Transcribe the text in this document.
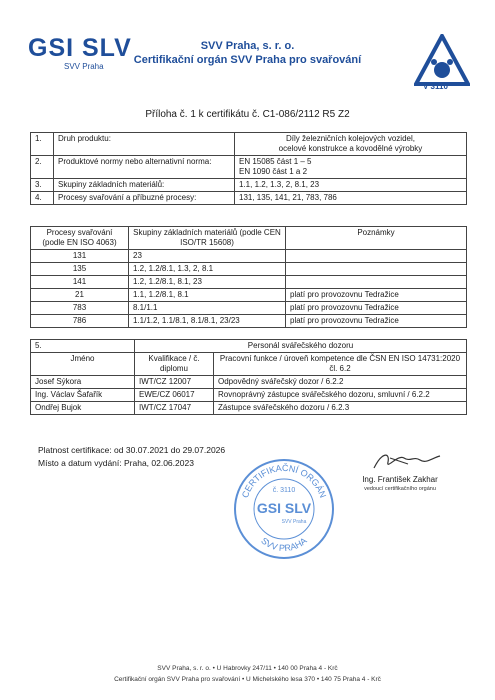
GSI SLV
SVV Praha
SVV Praha, s. r. o.
Certifikační orgán SVV Praha pro svařování
V 3110
Příloha č. 1 k certifikátu č. C1-086/2112 R5 Z2
1.	Druh produktu:	Díly železničních kolejových vozidel,
ocelové konstrukce a kovodělné výrobky

2.	Produktové normy nebo alternativní norma:	EN 15085 část 1 – 5
EN 1090 část 1 a 2

3.	Skupiny základních materiálů:	1.1, 1.2, 1.3, 2, 8.1, 23
4.	Procesy svařování a příbuzné procesy:	131, 135, 141, 21, 783, 786
Procesy svařování (podle EN ISO 4063)	Skupiny základních materiálů (podle CEN ISO/TR 15608)	Poznámky
131	23	
135	1.2, 1.2/8.1, 1.3, 2, 8.1	
141	1.2, 1.2/8.1, 8.1, 23	
21	1.1, 1.2/8.1, 8.1	platí pro provozovnu Tedražice
783	8.1/1.1	platí pro provozovnu Tedražice
786	1.1/1.2, 1.1/8.1, 8.1/8.1, 23/23	platí pro provozovnu Tedražice
5.	Personál svářečského dozoru	
Jméno	Kvalifikace / č. diplomu	Pracovní funkce / úroveň kompetence dle ČSN EN ISO 14731:2020 čl. 6.2
Josef Sýkora	IWT/CZ 12007	Odpovědný svářečský dozor / 6.2.2
Ing. Václav Šafařík	EWE/CZ 06017	Rovnoprávný zástupce svářečského dozoru, smluvní / 6.2.2
Ondřej Bujok	IWT/CZ 17047	Zástupce svářečského dozoru / 6.2.3
Platnost certifikace: od 30.07.2021 do 29.07.2026
Místo a datum vydání: Praha, 02.06.2023
CERTIFIKAČNÍ ORGÁN
č. 3110
GSI SLV
SVV Praha
SVV PRAHA
Ing. František Zakhar
vedoucí certifikačního orgánu
SVV Praha, s. r. o. • U Habrovky 247/11 • 140 00 Praha 4 - Krč
Certifikační orgán SVV Praha pro svařování • U Michelského lesa 370 • 140 75 Praha 4 - Krč
